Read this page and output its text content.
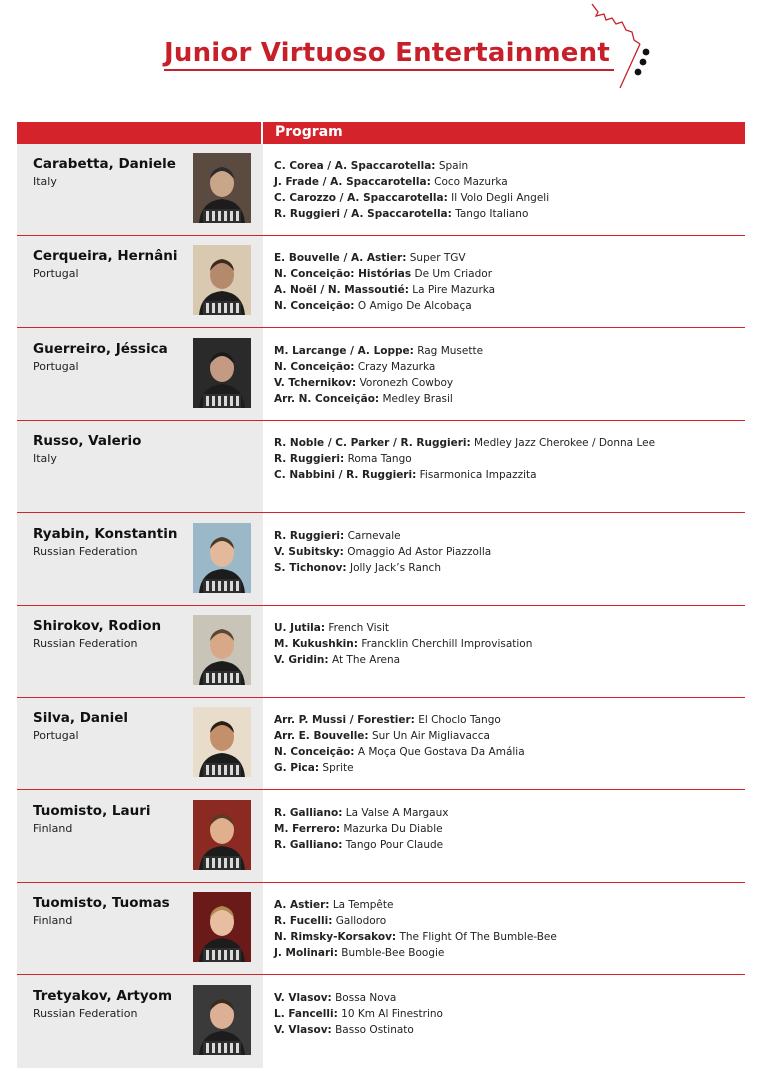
Junior Virtuoso Entertainment
Program
Carabetta, Daniele
Italy
C. Corea / A. Spaccarotella: Spain
J. Frade / A. Spaccarotella: Coco Mazurka
C. Carozzo / A. Spaccarotella: Il Volo Degli Angeli
R. Ruggieri / A. Spaccarotella: Tango Italiano
Cerqueira, Hernâni
Portugal
E. Bouvelle / A. Astier: Super TGV
N. Conceição: Histórias De Um Criador
A. Noël / N. Massoutié: La Pire Mazurka
N. Conceição: O Amigo De Alcobaça
Guerreiro, Jéssica
Portugal
M. Larcange / A. Loppe: Rag Musette
N. Conceição: Crazy Mazurka
V. Tchernikov: Voronezh Cowboy
Arr. N. Conceição: Medley Brasil
Russo, Valerio
Italy
R. Noble / C. Parker / R. Ruggieri: Medley Jazz Cherokee / Donna Lee
R. Ruggieri: Roma Tango
C. Nabbini / R. Ruggieri: Fisarmonica Impazzita
Ryabin, Konstantin
Russian Federation
R. Ruggieri: Carnevale
V. Subitsky: Omaggio Ad Astor Piazzolla
S. Tichonov: Jolly Jack’s Ranch
Shirokov, Rodion
Russian Federation
U. Jutila: French Visit
M. Kukushkin: Francklin Cherchill Improvisation
V. Gridin: At The Arena
Silva, Daniel
Portugal
Arr. P. Mussi / Forestier: El Choclo Tango
Arr. E. Bouvelle: Sur Un Air Migliavacca
N. Conceição: A Moça Que Gostava Da Amália
G. Pica: Sprite
Tuomisto, Lauri
Finland
R. Galliano: La Valse A Margaux
M. Ferrero: Mazurka Du Diable
R. Galliano: Tango Pour Claude
Tuomisto, Tuomas
Finland
A. Astier: La Tempête
R. Fucelli: Gallodoro
N. Rimsky-Korsakov: The Flight Of The Bumble-Bee
J. Molinari: Bumble-Bee Boogie
Tretyakov, Artyom
Russian Federation
V. Vlasov: Bossa Nova
L. Fancelli: 10 Km Al Finestrino
V. Vlasov: Basso Ostinato
